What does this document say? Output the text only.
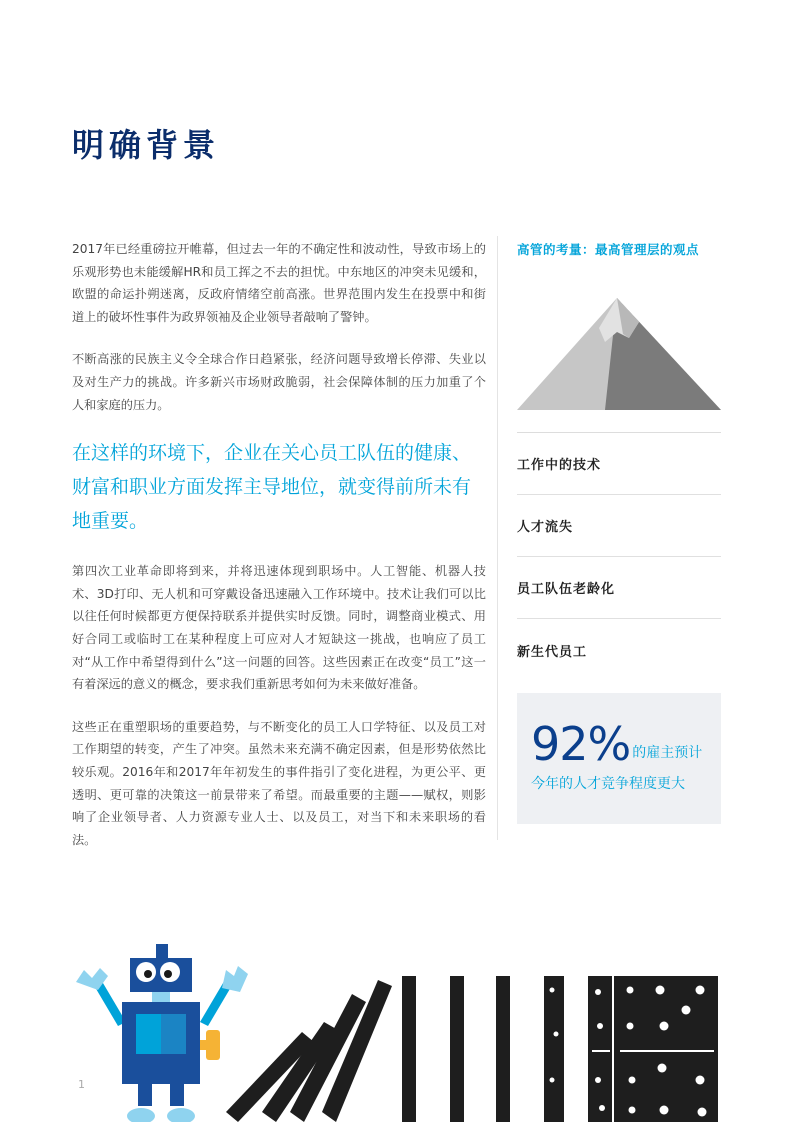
明确背景

2017年已经重磅拉开帷幕，但过去一年的不确定性和波动性，导致市场上的乐观形势也未能缓解HR和员工挥之不去的担忧。中东地区的冲突未见缓和，欧盟的命运扑朔迷离，反政府情绪空前高涨。世界范围内发生在投票中和街道上的破坏性事件为政界领袖及企业领导者敲响了警钟。

不断高涨的民族主义令全球合作日趋紧张，经济问题导致增长停滞、失业以及对生产力的挑战。许多新兴市场财政脆弱，社会保障体制的压力加重了个人和家庭的压力。

在这样的环境下，企业在关心员工队伍的健康、财富和职业方面发挥主导地位，就变得前所未有地重要。

第四次工业革命即将到来，并将迅速体现到职场中。人工智能、机器人技术、3D打印、无人机和可穿戴设备迅速融入工作环境中。技术让我们可以比以往任何时候都更方便保持联系并提供实时反馈。同时，调整商业模式、用好合同工或临时工在某种程度上可应对人才短缺这一挑战，也响应了员工对“从工作中希望得到什么”这一问题的回答。这些因素正在改变“员工”这一有着深远的意义的概念，要求我们重新思考如何为未来做好准备。

这些正在重塑职场的重要趋势，与不断变化的员工人口学特征、以及员工对工作期望的转变，产生了冲突。虽然未来充满不确定因素，但是形势依然比较乐观。2016年和2017年年初发生的事件指引了变化进程，为更公平、更透明、更可靠的决策这一前景带来了希望。而最重要的主题——赋权，则影响了企业领导者、人力资源专业人士、以及员工，对当下和未来职场的看法。

高管的考量：最高管理层的观点
工作中的技术
人才流失
员工队伍老龄化
新生代员工
92% 的雇主预计
今年的人才竞争程度更大
1
